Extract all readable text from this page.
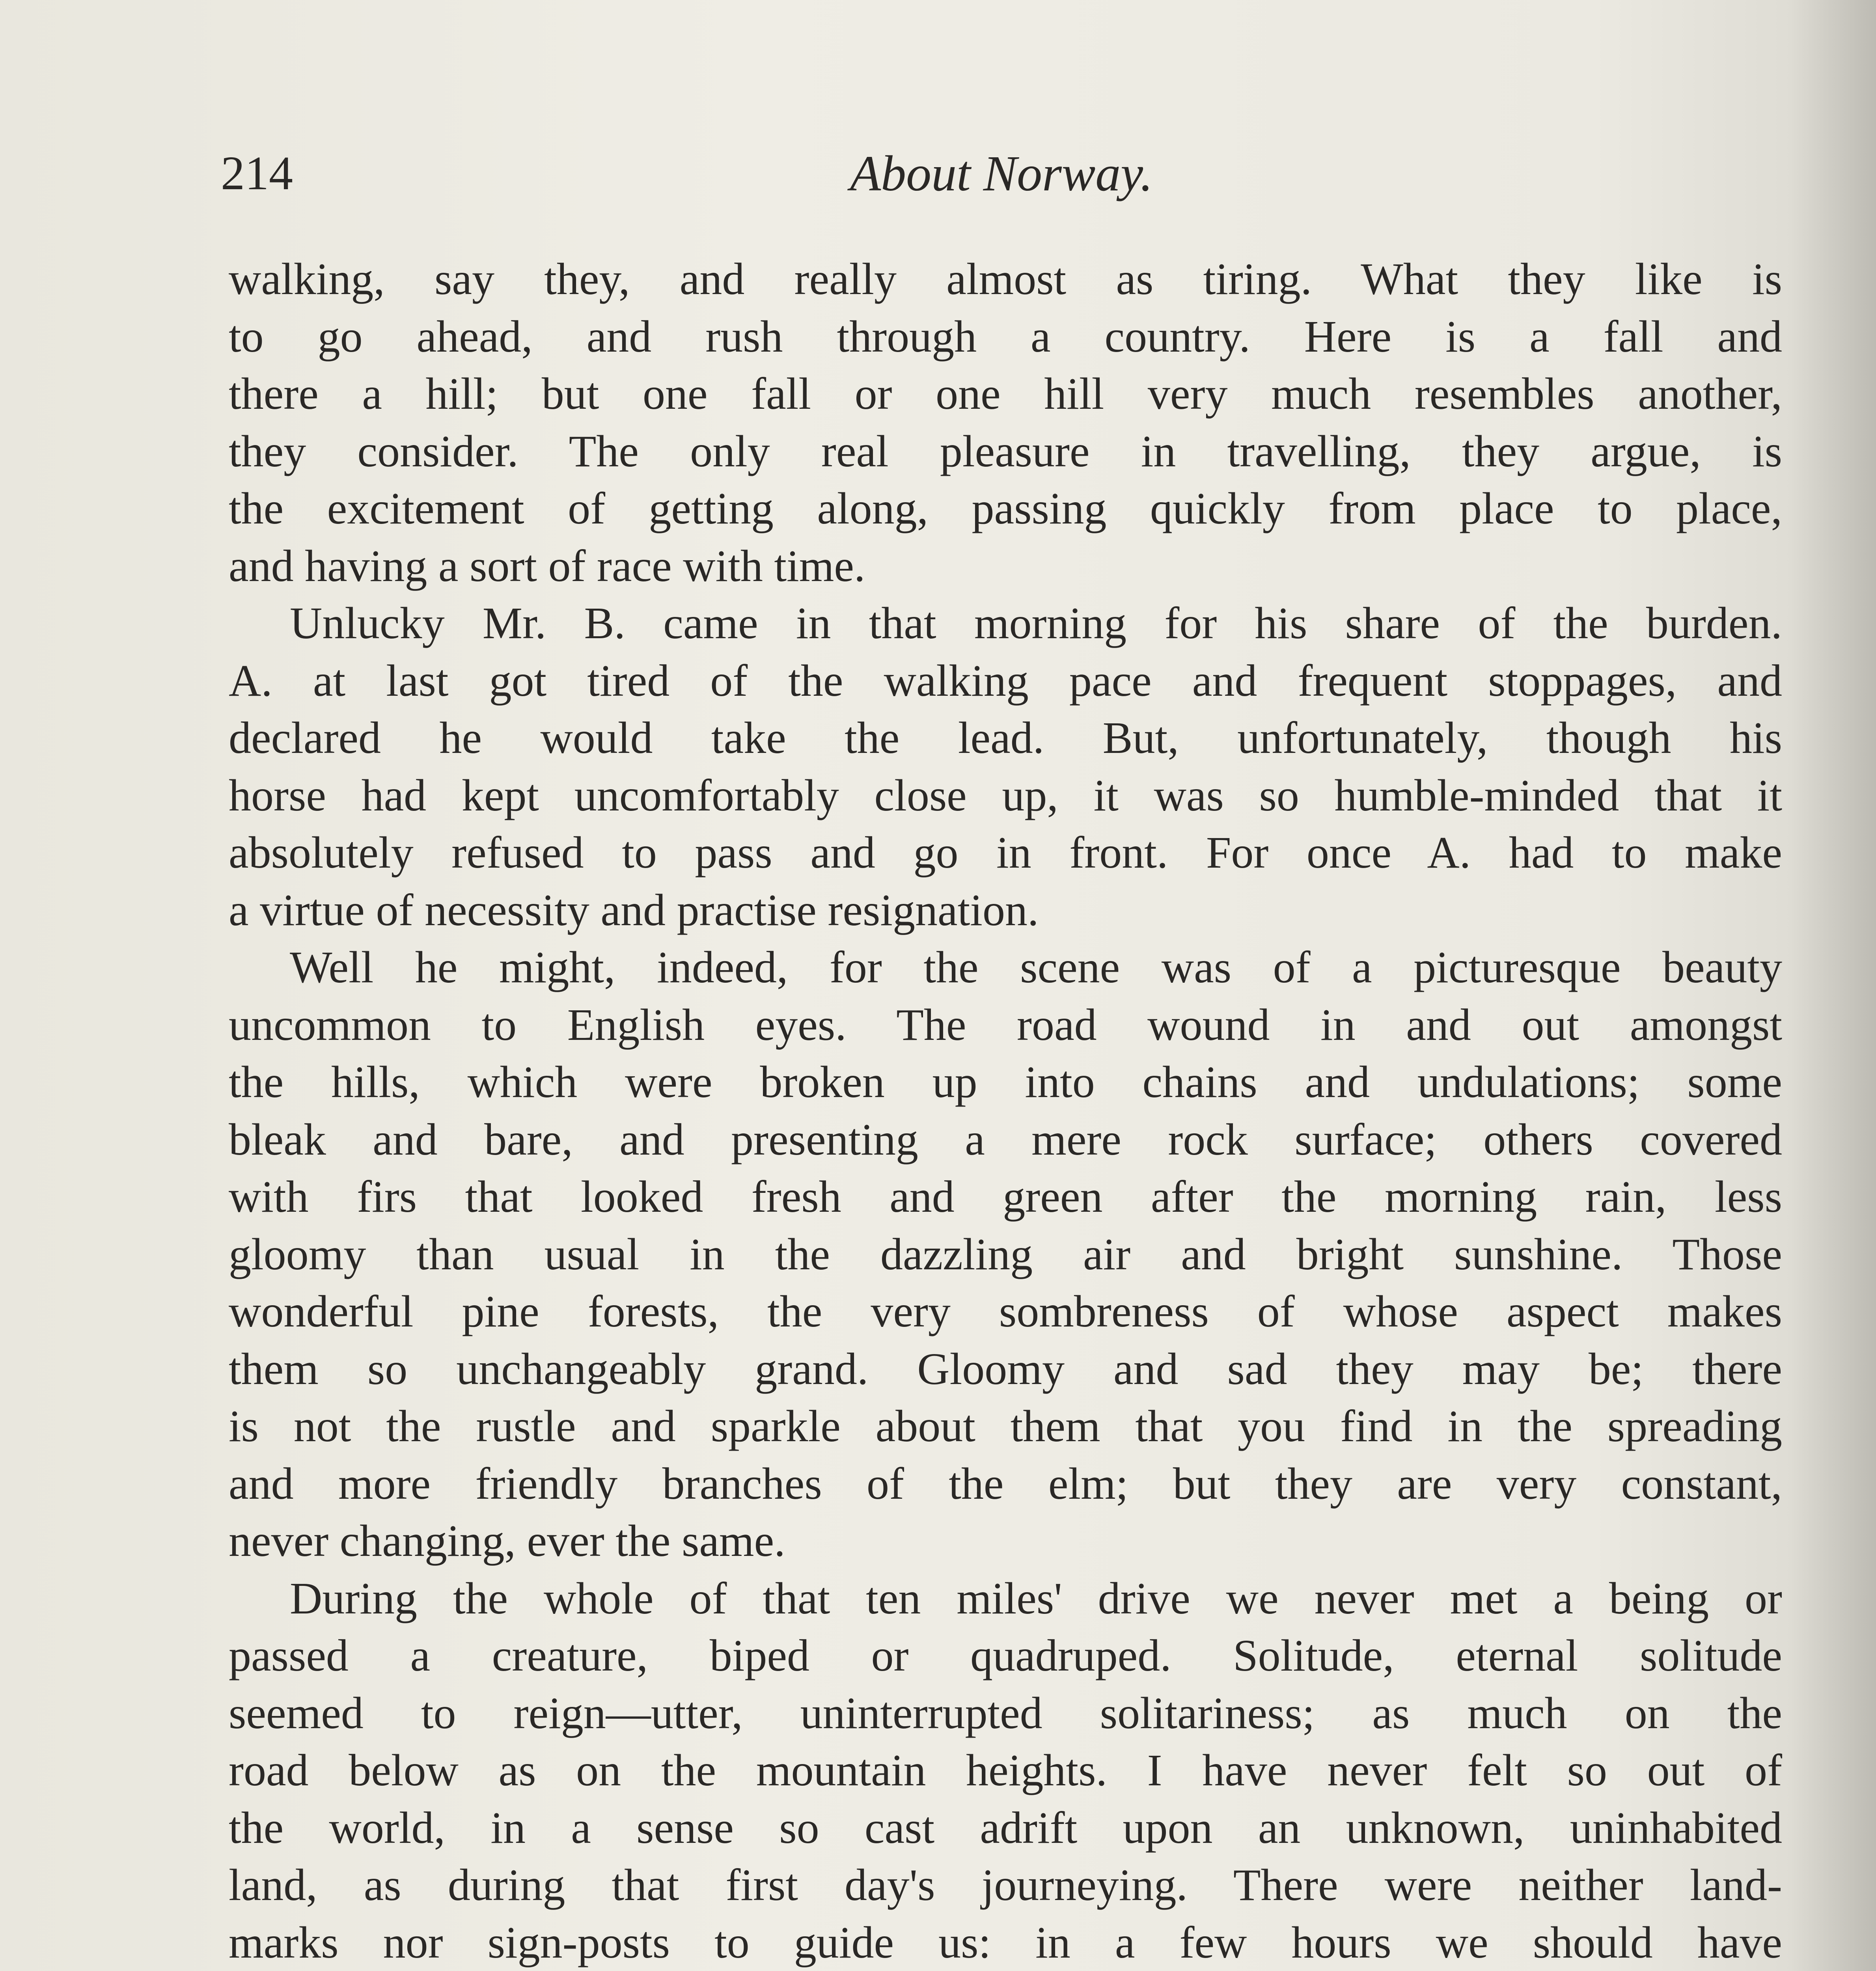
214	About Norway.
walking, say they, and really almost as tiring. What they like is
to go ahead, and rush through a country. Here is a fall and
there a hill; but one fall or one hill very much resembles another,
they consider. The only real pleasure in travelling, they argue, is
the excitement of getting along, passing quickly from place to place,
and having a sort of race with time.
Unlucky Mr. B. came in that morning for his share of the burden.
A. at last got tired of the walking pace and frequent stoppages, and
declared he would take the lead. But, unfortunately, though his
horse had kept uncomfortably close up, it was so humble-minded that it
absolutely refused to pass and go in front. For once A. had to make
a virtue of necessity and practise resignation.
Well he might, indeed, for the scene was of a picturesque beauty
uncommon to English eyes. The road wound in and out amongst
the hills, which were broken up into chains and undulations; some
bleak and bare, and presenting a mere rock surface; others covered
with firs that looked fresh and green after the morning rain, less
gloomy than usual in the dazzling air and bright sunshine. Those
wonderful pine forests, the very sombreness of whose aspect makes
them so unchangeably grand. Gloomy and sad they may be; there
is not the rustle and sparkle about them that you find in the spreading
and more friendly branches of the elm; but they are very constant,
never changing, ever the same.
During the whole of that ten miles' drive we never met a being or
passed a creature, biped or quadruped. Solitude, eternal solitude
seemed to reign—utter, uninterrupted solitariness; as much on the
road below as on the mountain heights. I have never felt so out of
the world, in a sense so cast adrift upon an unknown, uninhabited
land, as during that first day's journeying. There were neither land-
marks nor sign-posts to guide us: in a few hours we should have
